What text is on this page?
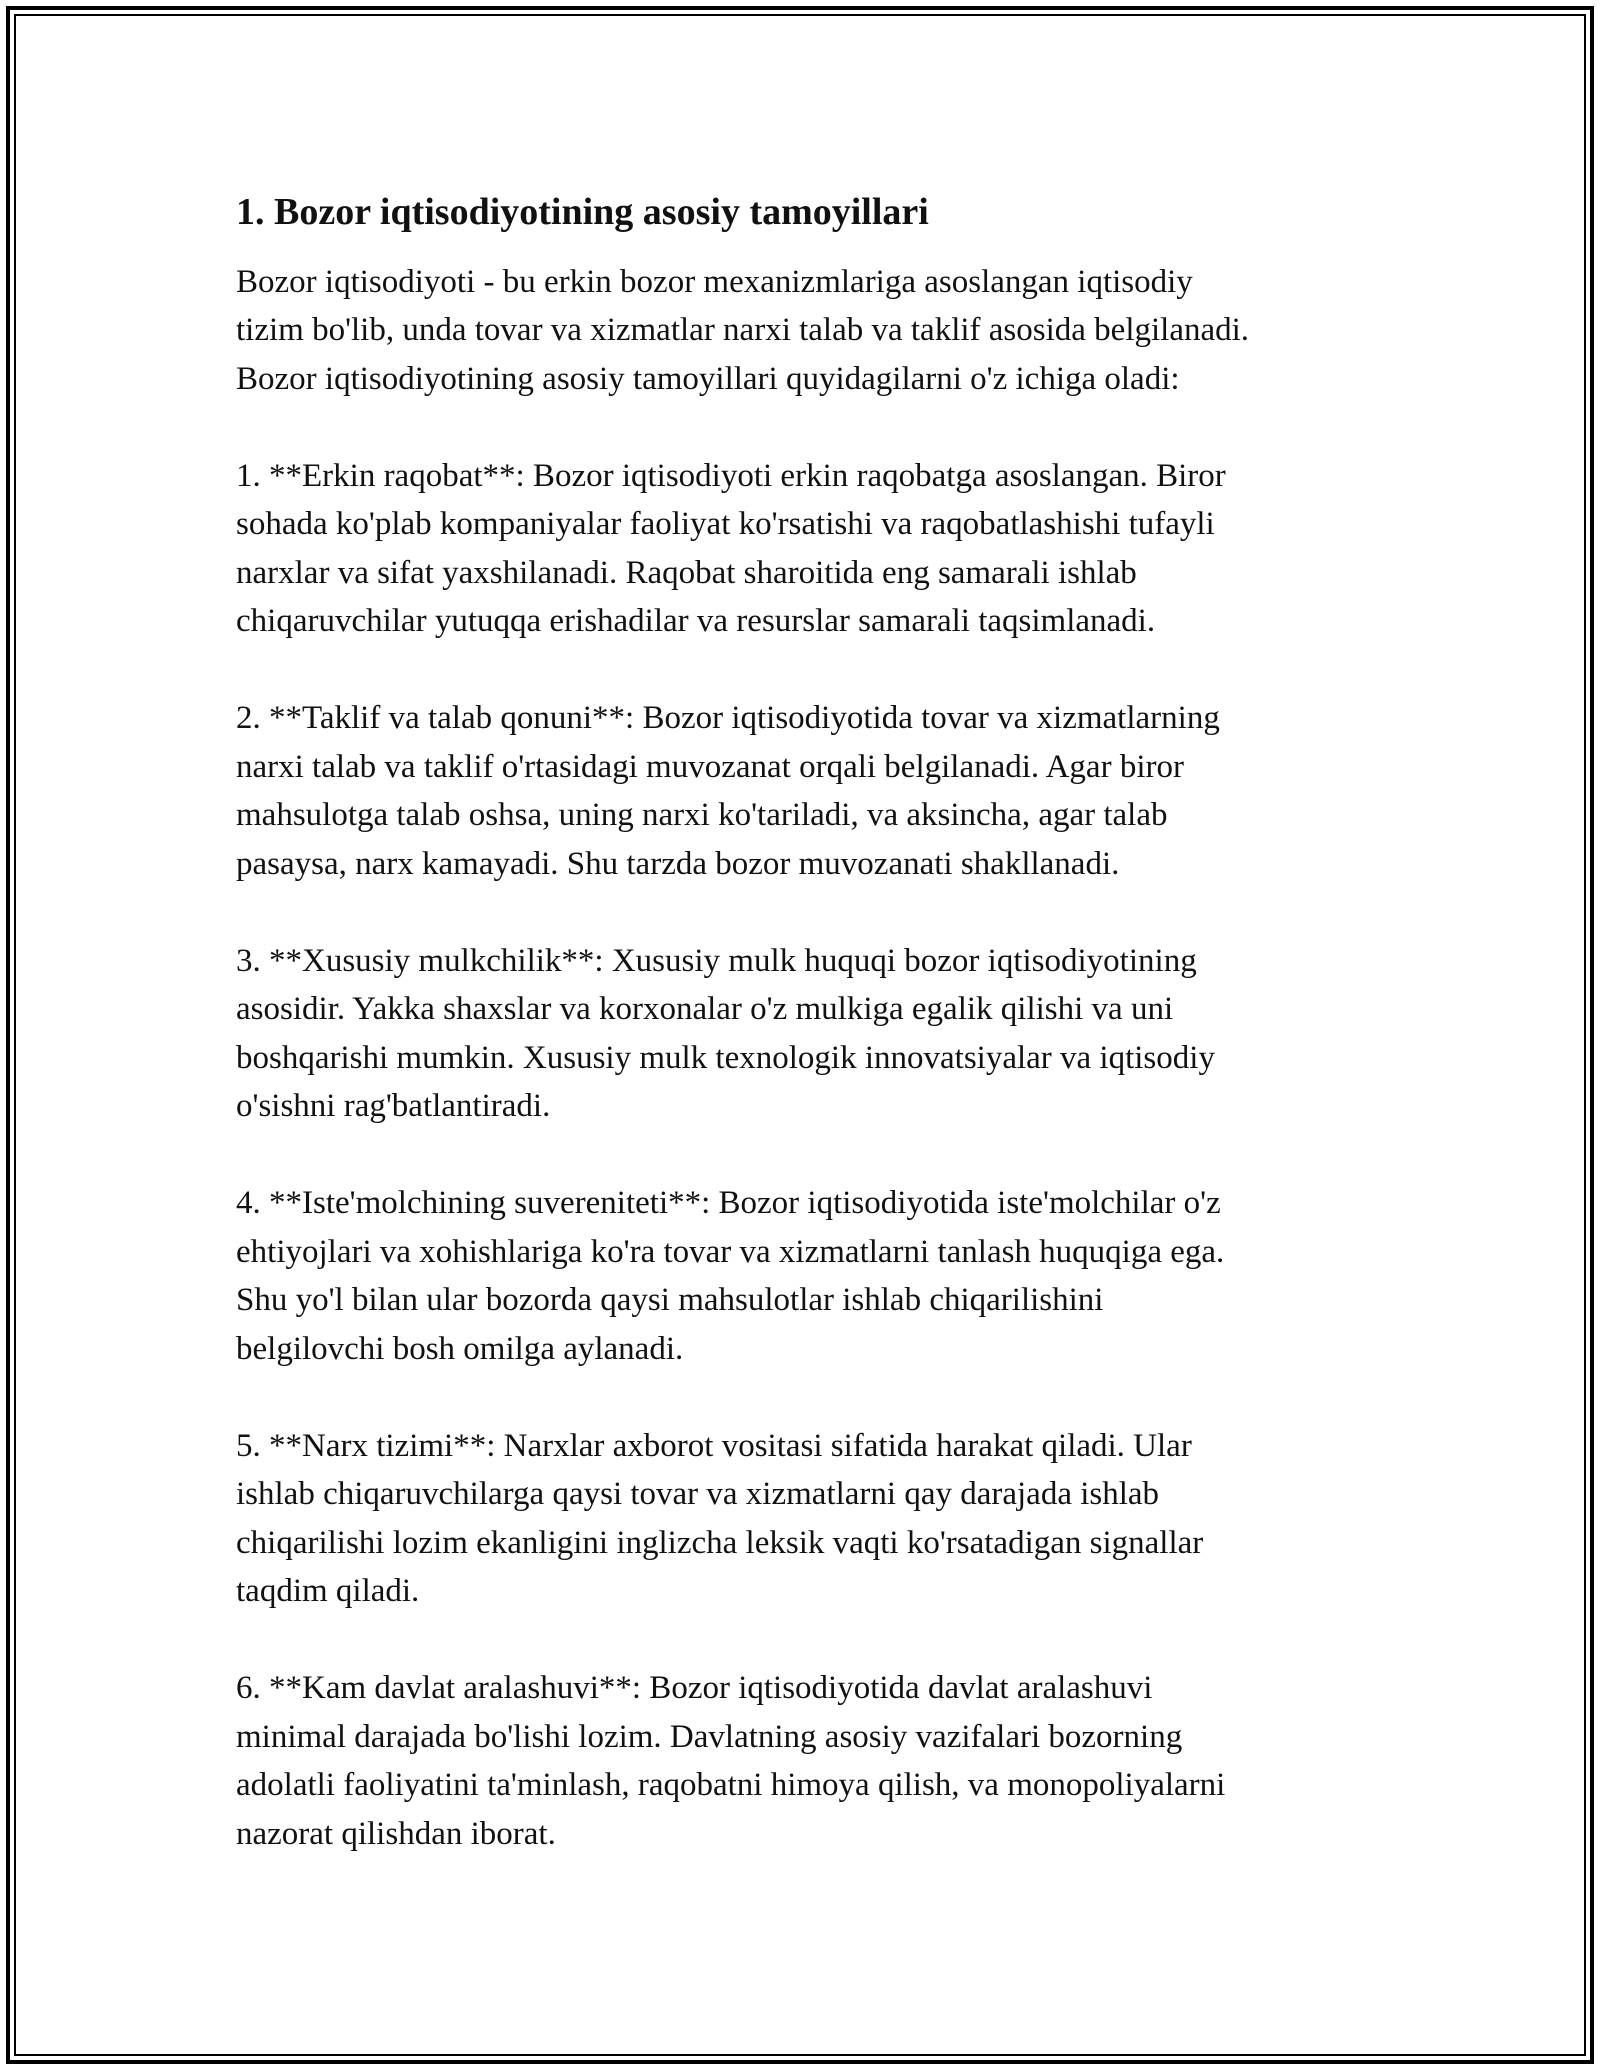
1. Bozor iqtisodiyotining asosiy tamoyillari

Bozor iqtisodiyoti - bu erkin bozor mexanizmlariga asoslangan iqtisodiy
tizim bo'lib, unda tovar va xizmatlar narxi talab va taklif asosida belgilanadi.
Bozor iqtisodiyotining asosiy tamoyillari quyidagilarni o'z ichiga oladi:

1. **Erkin raqobat**: Bozor iqtisodiyoti erkin raqobatga asoslangan. Biror
sohada ko'plab kompaniyalar faoliyat ko'rsatishi va raqobatlashishi tufayli
narxlar va sifat yaxshilanadi. Raqobat sharoitida eng samarali ishlab
chiqaruvchilar yutuqqa erishadilar va resurslar samarali taqsimlanadi.

2. **Taklif va talab qonuni**: Bozor iqtisodiyotida tovar va xizmatlarning
narxi talab va taklif o'rtasidagi muvozanat orqali belgilanadi. Agar biror
mahsulotga talab oshsa, uning narxi ko'tariladi, va aksincha, agar talab
pasaysa, narx kamayadi. Shu tarzda bozor muvozanati shakllanadi.

3. **Xususiy mulkchilik**: Xususiy mulk huquqi bozor iqtisodiyotining
asosidir. Yakka shaxslar va korxonalar o'z mulkiga egalik qilishi va uni
boshqarishi mumkin. Xususiy mulk texnologik innovatsiyalar va iqtisodiy
o'sishni rag'batlantiradi.

4. **Iste'molchining suvereniteti**: Bozor iqtisodiyotida iste'molchilar o'z
ehtiyojlari va xohishlariga ko'ra tovar va xizmatlarni tanlash huquqiga ega.
Shu yo'l bilan ular bozorda qaysi mahsulotlar ishlab chiqarilishini
belgilovchi bosh omilga aylanadi.

5. **Narx tizimi**: Narxlar axborot vositasi sifatida harakat qiladi. Ular
ishlab chiqaruvchilarga qaysi tovar va xizmatlarni qay darajada ishlab
chiqarilishi lozim ekanligini inglizcha leksik vaqti ko'rsatadigan signallar
taqdim qiladi.

6. **Kam davlat aralashuvi**: Bozor iqtisodiyotida davlat aralashuvi
minimal darajada bo'lishi lozim. Davlatning asosiy vazifalari bozorning
adolatli faoliyatini ta'minlash, raqobatni himoya qilish, va monopoliyalarni
nazorat qilishdan iborat.
